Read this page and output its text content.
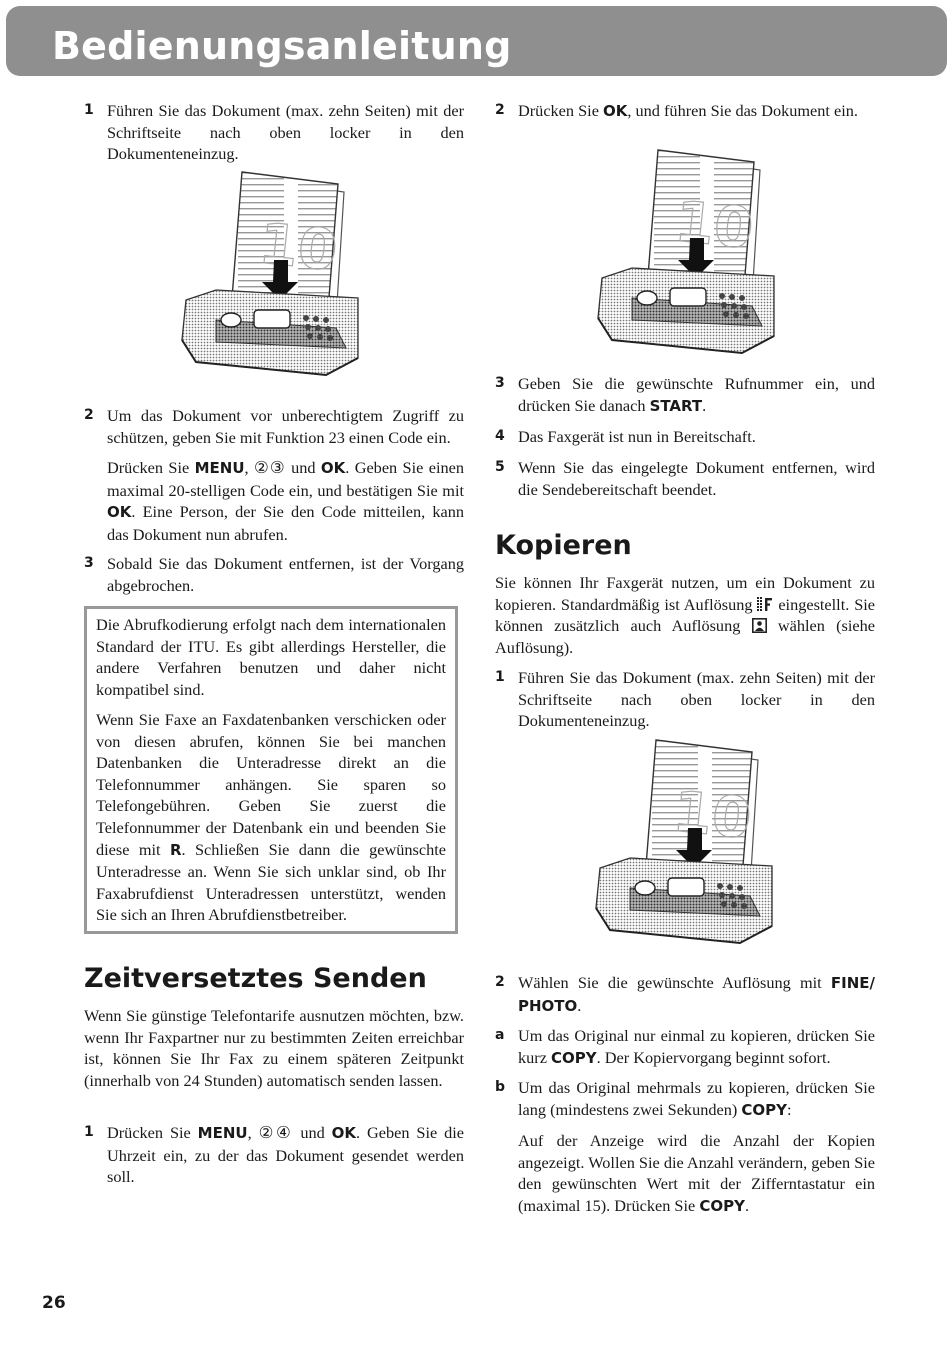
Bedienungsanleitung
1 Führen Sie das Dokument (max. zehn Seiten) mit der Schriftseite nach oben locker in den Dokumenteneinzug.
2 Um das Dokument vor unberechtigtem Zugriff zu schützen, geben Sie mit Funktion 23 einen Code ein.
Drücken Sie MENU, ②③ und OK. Geben Sie einen maximal 20-stelligen Code ein, und bestätigen Sie mit OK. Eine Person, der Sie den Code mitteilen, kann das Dokument nun abrufen.
3 Sobald Sie das Dokument entfernen, ist der Vorgang abgebrochen.
Die Abrufkodierung erfolgt nach dem internationalen Standard der ITU. Es gibt allerdings Hersteller, die andere Verfahren benutzen und daher nicht kompatibel sind.
Wenn Sie Faxe an Faxdatenbanken verschicken oder von diesen abrufen, können Sie bei manchen Datenbanken die Unteradresse direkt an die Telefonnummer anhängen. Sie sparen so Telefongebühren. Geben Sie zuerst die Telefonnummer der Datenbank ein und beenden Sie diese mit R. Schließen Sie dann die gewünschte Unteradresse an. Wenn Sie sich unklar sind, ob Ihr Faxabrufdienst Unteradressen unterstützt, wenden Sie sich an Ihren Abrufdienstbetreiber.
Zeitversetztes Senden
Wenn Sie günstige Telefontarife ausnutzen möchten, bzw. wenn Ihr Faxpartner nur zu bestimmten Zeiten erreichbar ist, können Sie Ihr Fax zu einem späteren Zeitpunkt (innerhalb von 24 Stunden) automatisch senden lassen.
1 Drücken Sie MENU, ②④ und OK. Geben Sie die Uhrzeit ein, zu der das Dokument gesendet werden soll.
2 Drücken Sie OK, und führen Sie das Dokument ein.
3 Geben Sie die gewünschte Rufnummer ein, und drücken Sie danach START.
4 Das Faxgerät ist nun in Bereitschaft.
5 Wenn Sie das eingelegte Dokument entfernen, wird die Sendebereitschaft beendet.
Kopieren
Sie können Ihr Faxgerät nutzen, um ein Dokument zu kopieren. Standardmäßig ist Auflösung  eingestellt. Sie können zusätzlich auch Auflösung  wählen (siehe Auflösung).
1 Führen Sie das Dokument (max. zehn Seiten) mit der Schriftseite nach oben locker in den Dokumenteneinzug.
2 Wählen Sie die gewünschte Auflösung mit FINE/ PHOTO.
a Um das Original nur einmal zu kopieren, drücken Sie kurz COPY. Der Kopiervorgang beginnt sofort.
b Um das Original mehrmals zu kopieren, drücken Sie lang (mindestens zwei Sekunden) COPY:
Auf der Anzeige wird die Anzahl der Kopien angezeigt. Wollen Sie die Anzahl verändern, geben Sie den gewünschten Wert mit der Zifferntastatur ein (maximal 15). Drücken Sie COPY.
26
